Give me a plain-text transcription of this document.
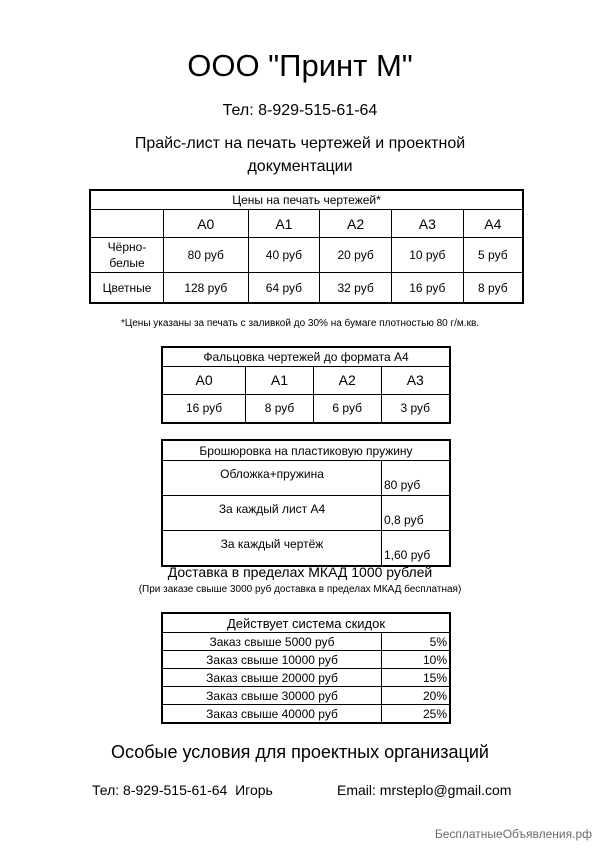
ООО "Принт М"
Тел: 8-929-515-61-64
Прайс-лист на печать чертежей и проектной
документации
Цены на печать чертежей*					
	А0	А1	А2	А3	А4
Чёрно-
белые	80 руб	40 руб	20 руб	10 руб	5 руб
Цветные	128 руб	64 руб	32 руб	16 руб	8 руб
*Цены указаны за печать с заливкой до 30% на бумаге плотностью 80 г/м.кв.
Фальцовка чертежей до формата А4			
А0	А1	А2	А3
16 руб	8 руб	6 руб	3 руб
Брошюровка на пластиковую пружину	
Обложка+пружина	80 руб
За каждый лист А4	0,8 руб
За каждый чертёж	1,60 руб
Доставка в пределах МКАД 1000 рублей
(При заказе свыше 3000 руб доставка в пределах МКАД бесплатная)
Действует система скидок	
Заказ свыше 5000 руб	5%
Заказ свыше 10000 руб	10%
Заказ свыше 20000 руб	15%
Заказ свыше 30000 руб	20%
Заказ свыше 40000 руб	25%
Особые условия для проектных организаций
Тел: 8-929-515-61-64  Игорь	Email: mrsteplo@gmail.com
БесплатныеОбъявления.рф
